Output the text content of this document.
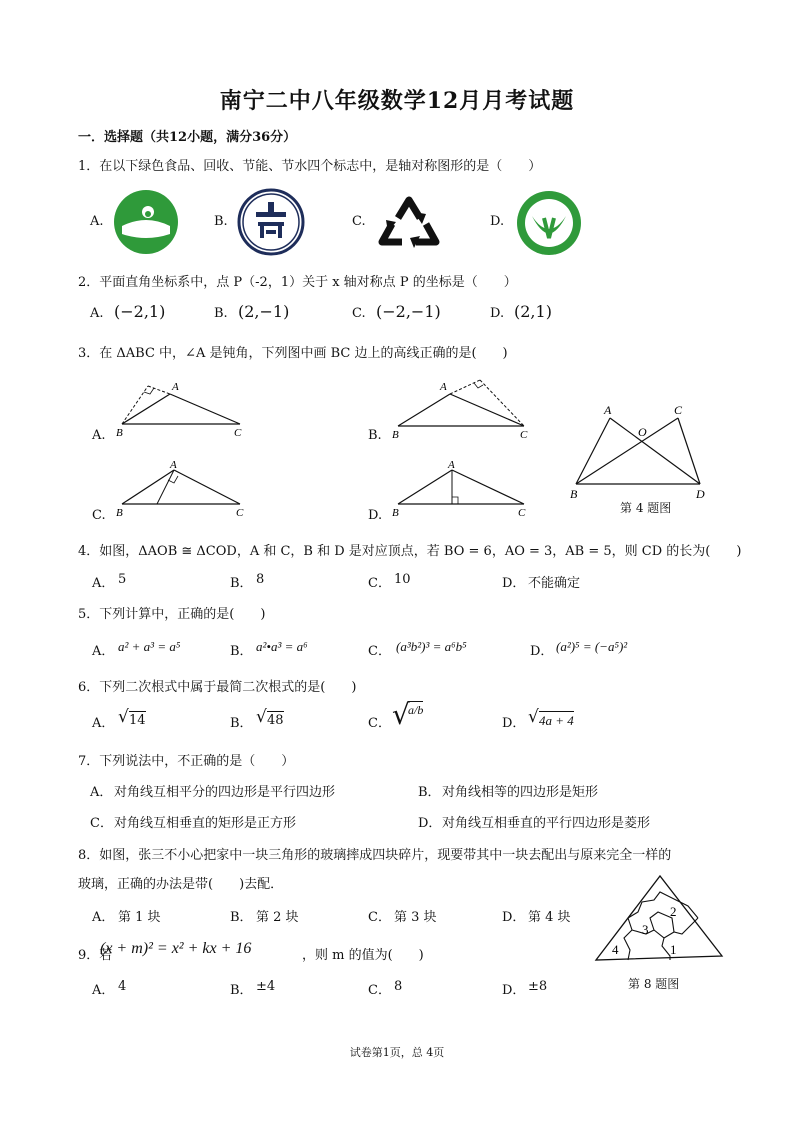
南宁二中八年级数学12月月考试题
一．选择题（共12小题，满分36分）
1．在以下绿色食品、回收、节能、节水四个标志中，是轴对称图形的是（　　）
A.	B.	C.	D.
2．平面直角坐标系中，点 P（-2，1）关于 x 轴对称点 P 的坐标是（　　）
A. (−2,1)	B. (2,−1)	C. (−2,−1)	D. (2,1)
3．在 ΔABC 中，∠A 是钝角，下列图中画 BC 边上的高线正确的是(　　)
A.
A
B	C	B.
A
B	C
C.
A
B	C	D.
A
B	C
A	C
O
B	D
第 4 题图
4．如图，ΔAOB ≅ ΔCOD，A 和 C，B 和 D 是对应顶点，若 BO = 6，AO = 3，AB = 5，则 CD 的长为(　　)
A． 5	B． 8	C． 10	D． 不能确定
5．下列计算中，正确的是(　　)
A． a² + a³ = a⁵	B． a²•a³ = a⁶	C． (a³b²)³ = a⁶b⁵	D． (a²)⁵ = (−a⁵)²
6．下列二次根式中属于最简二次根式的是(　　)
A． √ 14	B． √ 48	C． √
a/b
D． √ 4a + 4
7．下列说法中，不正确的是（　　）
A． 对角线互相平分的四边形是平行四边形	B． 对角线相等的四边形是矩形
C． 对角线互相垂直的矩形是正方形	D． 对角线互相垂直的平行四边形是菱形
8．如图，张三不小心把家中一块三角形的玻璃摔成四块碎片，现要带其中一块去配出与原来完全一样的
玻璃，正确的办法是带(　　)去配．
A． 第 1 块	B． 第 2 块	C． 第 3 块	D． 第 4 块	2
3
4	1
第 8 题图
9．若
(x + m)² = x² + kx + 16	，则 m 的值为(　　)
A． 4	B． ±4	C． 8	D． ±8
试卷第1页，总 4页
